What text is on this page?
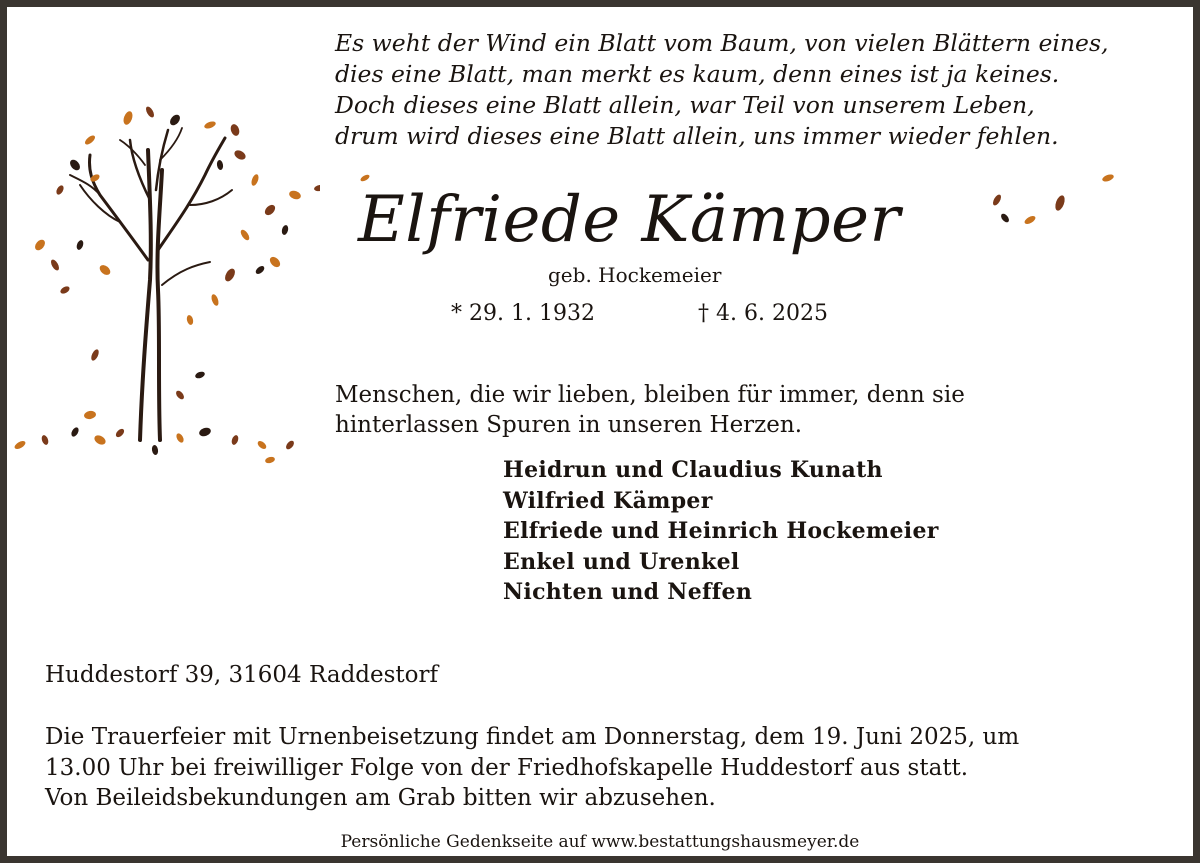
Es weht der Wind ein Blatt vom Baum, von vielen Blättern eines,
dies eine Blatt, man merkt es kaum, denn eines ist ja keines.
Doch dieses eine Blatt allein, war Teil von unserem Leben,
drum wird dieses eine Blatt allein, uns immer wieder fehlen.
Elfriede Kämper
geb. Hockemeier
* 29. 1. 1932	† 4. 6. 2025
Menschen, die wir lieben, bleiben für immer, denn sie
hinterlassen Spuren in unseren Herzen.
Heidrun und Claudius Kunath
Wilfried Kämper
Elfriede und Heinrich Hockemeier
Enkel und Urenkel
Nichten und Neffen
Huddestorf 39, 31604 Raddestorf
Die Trauerfeier mit Urnenbeisetzung findet am Donnerstag, dem 19. Juni 2025, um
13.00 Uhr bei freiwilliger Folge von der Friedhofskapelle Huddestorf aus statt.
Von Beileidsbekundungen am Grab bitten wir abzusehen.
Persönliche Gedenkseite auf www.bestattungshausmeyer.de
